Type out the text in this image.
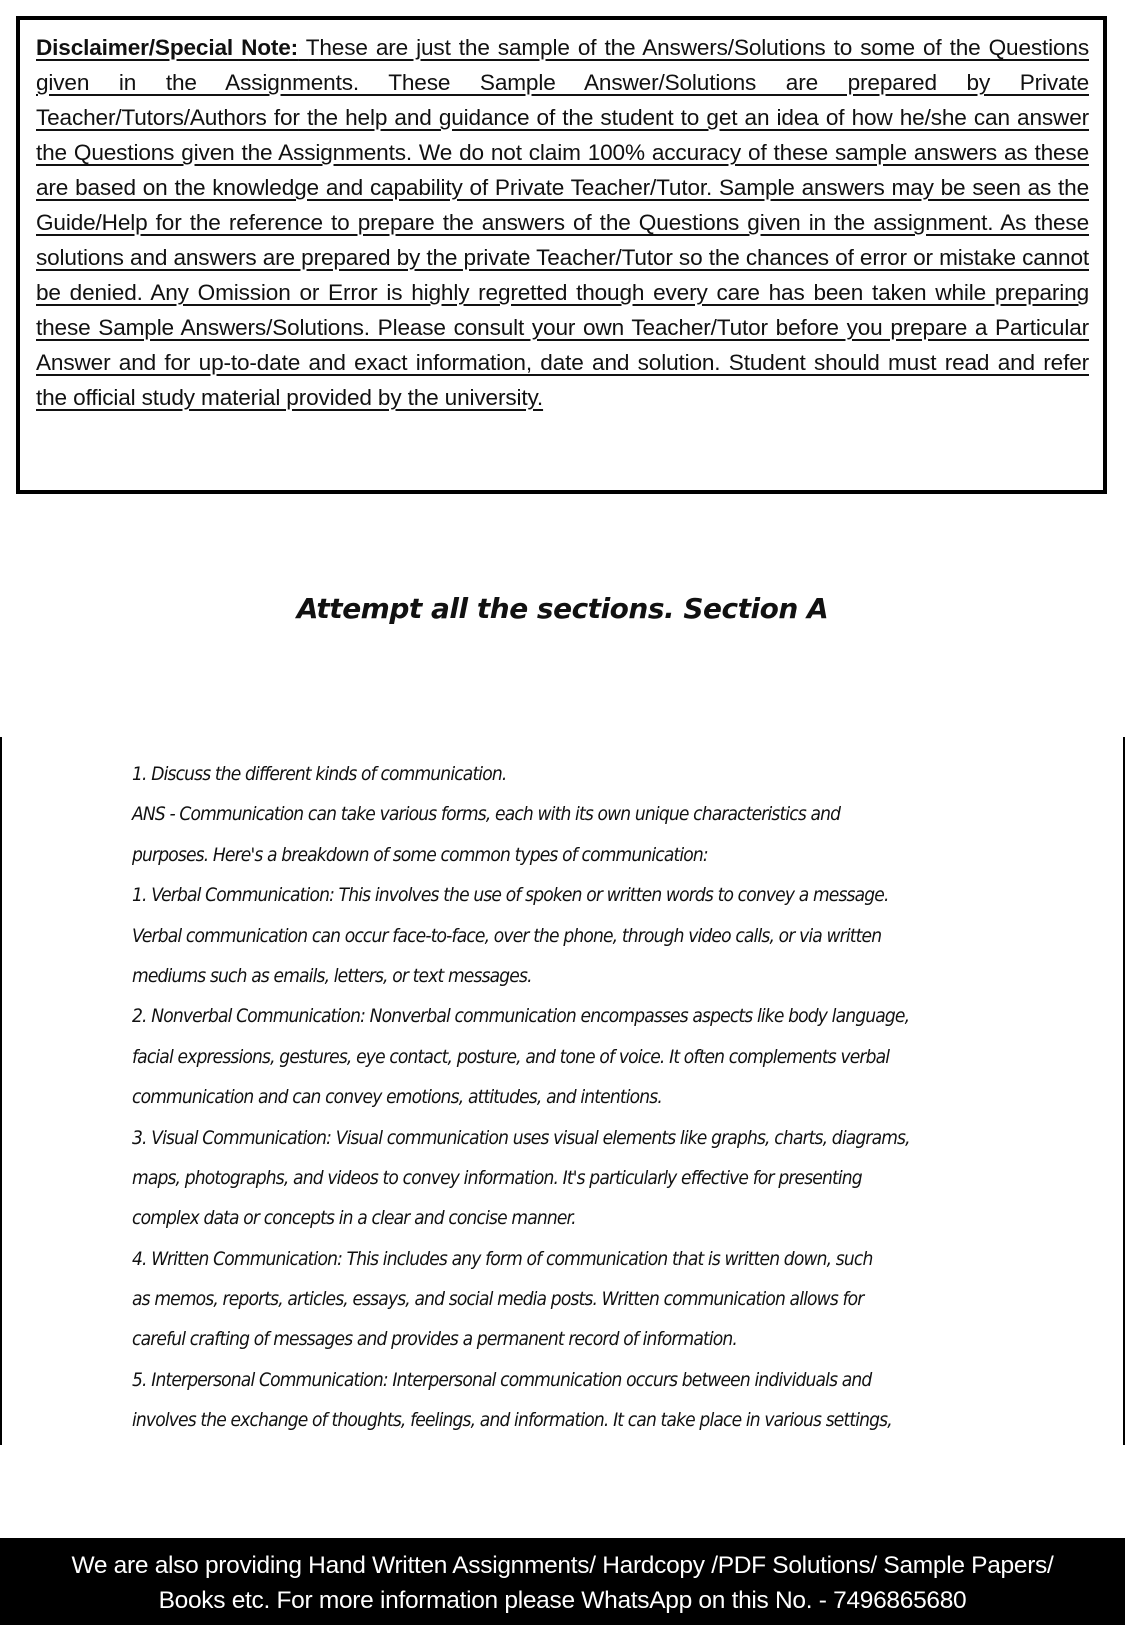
Disclaimer/Special Note: These are just the sample of the Answers/Solutions to some of the Questions given in the Assignments. These Sample Answer/Solutions are prepared by Private Teacher/Tutors/Authors for the help and guidance of the student to get an idea of how he/she can answer the Questions given the Assignments. We do not claim 100% accuracy of these sample answers as these are based on the knowledge and capability of Private Teacher/Tutor. Sample answers may be seen as the Guide/Help for the reference to prepare the answers of the Questions given in the assignment. As these solutions and answers are prepared by the private Teacher/Tutor so the chances of error or mistake cannot be denied. Any Omission or Error is highly regretted though every care has been taken while preparing these Sample Answers/Solutions. Please consult your own Teacher/Tutor before you prepare a Particular Answer and for up-to-date and exact information, date and solution. Student should must read and refer the official study material provided by the university.

Attempt all the sections. Section A
1. Discuss the different kinds of communication.
ANS - Communication can take various forms, each with its own unique characteristics and
purposes. Here's a breakdown of some common types of communication:
1. Verbal Communication: This involves the use of spoken or written words to convey a message.
Verbal communication can occur face-to-face, over the phone, through video calls, or via written
mediums such as emails, letters, or text messages.
2. Nonverbal Communication: Nonverbal communication encompasses aspects like body language,
facial expressions, gestures, eye contact, posture, and tone of voice. It often complements verbal
communication and can convey emotions, attitudes, and intentions.
3. Visual Communication: Visual communication uses visual elements like graphs, charts, diagrams,
maps, photographs, and videos to convey information. It's particularly effective for presenting
complex data or concepts in a clear and concise manner.
4. Written Communication: This includes any form of communication that is written down, such
as memos, reports, articles, essays, and social media posts. Written communication allows for
careful crafting of messages and provides a permanent record of information.
5. Interpersonal Communication: Interpersonal communication occurs between individuals and
involves the exchange of thoughts, feelings, and information. It can take place in various settings,
We are also providing Hand Written Assignments/ Hardcopy /PDF Solutions/ Sample Papers/
Books etc. For more information please WhatsApp on this No. - 7496865680
